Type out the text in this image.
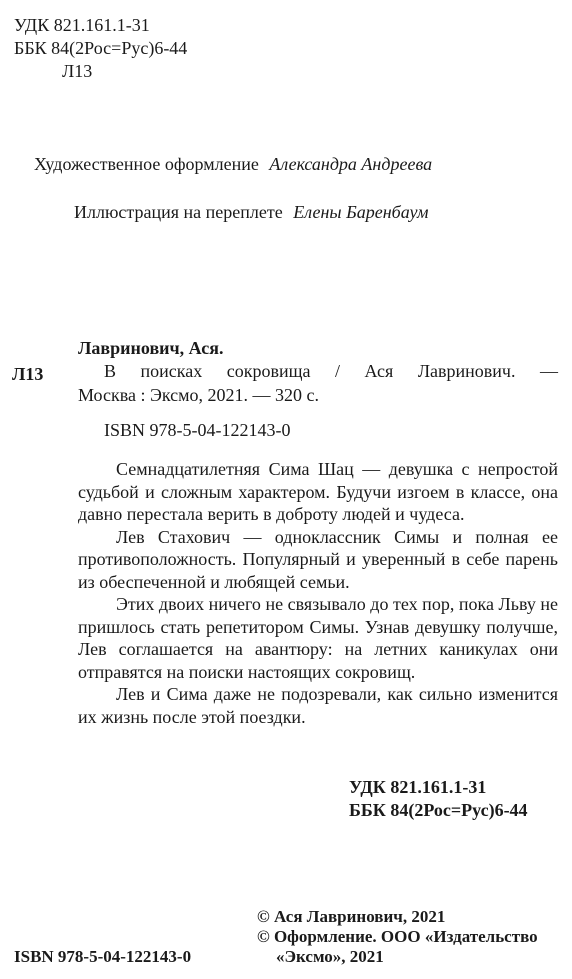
УДК 821.161.1-31
ББК 84(2Рос=Рус)6-44
Л13
Художественное оформление Александра Андреева
Иллюстрация на переплете Елены Баренбаум
Л13
Лавринович, Ася.
В поисках сокровища / Ася Лавринович. —
Москва : Эксмо, 2021. — 320 с.
ISBN 978-5-04-122143-0

Семнадцатилетняя Сима Шац — девушка с непростой судьбой и сложным характером. Будучи изгоем в классе, она давно перестала верить в доброту людей и чудеса.

Лев Стахович — одноклассник Симы и полная ее противоположность. Популярный и уверенный в себе парень из обеспеченной и любящей семьи.

Этих двоих ничего не связывало до тех пор, пока Льву не пришлось стать репетитором Симы. Узнав девушку получше, Лев соглашается на авантюру: на летних каникулах они отправятся на поиски настоящих сокровищ.

Лев и Сима даже не подозревали, как сильно изменится их жизнь после этой поездки.

УДК 821.161.1-31
ББК 84(2Рос=Рус)6-44
ISBN 978-5-04-122143-0
© Ася Лавринович, 2021
© Оформление. ООО «Издательство
«Эксмо», 2021
